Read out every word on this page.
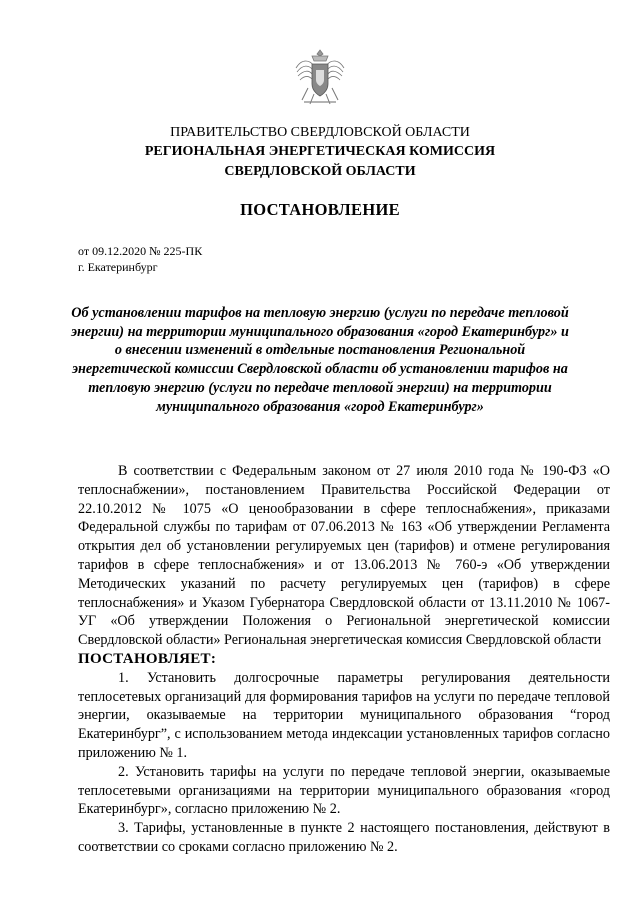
ПРАВИТЕЛЬСТВО СВЕРДЛОВСКОЙ ОБЛАСТИ
РЕГИОНАЛЬНАЯ ЭНЕРГЕТИЧЕСКАЯ КОМИССИЯ
СВЕРДЛОВСКОЙ ОБЛАСТИ
ПОСТАНОВЛЕНИЕ
от 09.12.2020 № 225-ПК
г. Екатеринбург
Об установлении тарифов на тепловую энергию (услуги по передаче тепловой энергии) на территории муниципального образования «город Екатеринбург» и о внесении изменений в отдельные постановления Региональной энергетической комиссии Свердловской области об установлении тарифов на тепловую энергию (услуги по передаче тепловой энергии) на территории муниципального образования «город Екатеринбург»

В соответствии с Федеральным законом от 27 июля 2010 года № 190-ФЗ «О теплоснабжении», постановлением Правительства Российской Федерации от 22.10.2012 № 1075 «О ценообразовании в сфере теплоснабжения», приказами Федеральной службы по тарифам от 07.06.2013 № 163 «Об утверждении Регламента открытия дел об установлении регулируемых цен (тарифов) и отмене регулирования тарифов в сфере теплоснабжения» и от 13.06.2013 № 760-э «Об утверждении Методических указаний по расчету регулируемых цен (тарифов) в сфере теплоснабжения» и Указом Губернатора Свердловской области от 13.11.2010 № 1067-УГ «Об утверждении Положения о Региональной энергетической комиссии Свердловской области» Региональная энергетическая комиссия Свердловской области

ПОСТАНОВЛЯЕТ:

1. Установить долгосрочные параметры регулирования деятельности теплосетевых организаций для формирования тарифов на услуги по передаче тепловой энергии, оказываемые на территории муниципального образования “город Екатеринбург”, с использованием метода индексации установленных тарифов согласно приложению № 1.

2. Установить тарифы на услуги по передаче тепловой энергии, оказываемые теплосетевыми организациями на территории муниципального образования «город Екатеринбург», согласно приложению № 2.

3. Тарифы, установленные в пункте 2 настоящего постановления, действуют в соответствии со сроками согласно приложению № 2.
